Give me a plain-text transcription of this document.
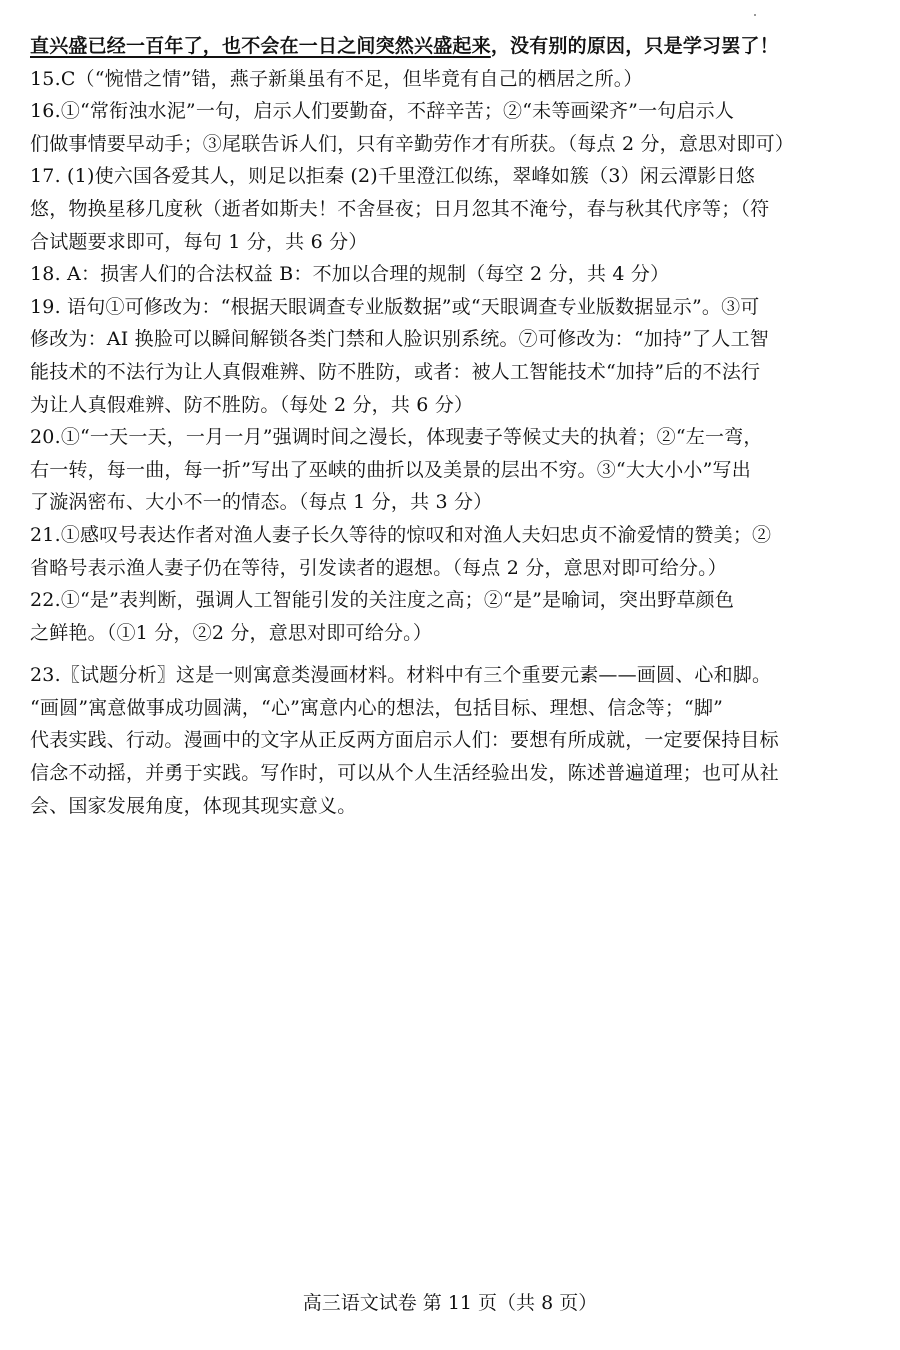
直兴盛已经一百年了，也不会在一日之间突然兴盛起来，没有别的原因，只是学习罢了！
15.C（“惋惜之情”错，燕子新巢虽有不足，但毕竟有自己的栖居之所。）
16.①“常衔浊水泥”一句，启示人们要勤奋，不辞辛苦；②“未等画梁齐”一句启示人
们做事情要早动手；③尾联告诉人们，只有辛勤劳作才有所获。（每点 2 分，意思对即可）
17. (1)使六国各爱其人，则足以拒秦 (2)千里澄江似练，翠峰如簇（3）闲云潭影日悠
悠，物换星移几度秋（逝者如斯夫！不舍昼夜；日月忽其不淹兮，春与秋其代序等；（符
合试题要求即可，每句 1 分，共 6 分）
18. A：损害人们的合法权益 B：不加以合理的规制（每空 2 分，共 4 分）
19. 语句①可修改为：“根据天眼调查专业版数据”或“天眼调查专业版数据显示”。③可
修改为：AI 换脸可以瞬间解锁各类门禁和人脸识别系统。⑦可修改为：“加持”了人工智
能技术的不法行为让人真假难辨、防不胜防，或者：被人工智能技术“加持”后的不法行
为让人真假难辨、防不胜防。（每处 2 分，共 6 分）
20.①“一天一天，一月一月”强调时间之漫长，体现妻子等候丈夫的执着；②“左一弯，
右一转，每一曲，每一折”写出了巫峡的曲折以及美景的层出不穷。③“大大小小”写出
了漩涡密布、大小不一的情态。（每点 1 分，共 3 分）
21.①感叹号表达作者对渔人妻子长久等待的惊叹和对渔人夫妇忠贞不渝爱情的赞美；②
省略号表示渔人妻子仍在等待，引发读者的遐想。（每点 2 分，意思对即可给分。）
22.①“是”表判断，强调人工智能引发的关注度之高；②“是”是喻词，突出野草颜色
之鲜艳。（①1 分，②2 分，意思对即可给分。）
23.〖试题分析〗这是一则寓意类漫画材料。材料中有三个重要元素——画圆、心和脚。
“画圆”寓意做事成功圆满，“心”寓意内心的想法，包括目标、理想、信念等；“脚”
代表实践、行动。漫画中的文字从正反两方面启示人们：要想有所成就，一定要保持目标
信念不动摇，并勇于实践。写作时，可以从个人生活经验出发，陈述普遍道理；也可从社
会、国家发展角度，体现其现实意义。
高三语文试卷 第 11 页（共 8 页）
